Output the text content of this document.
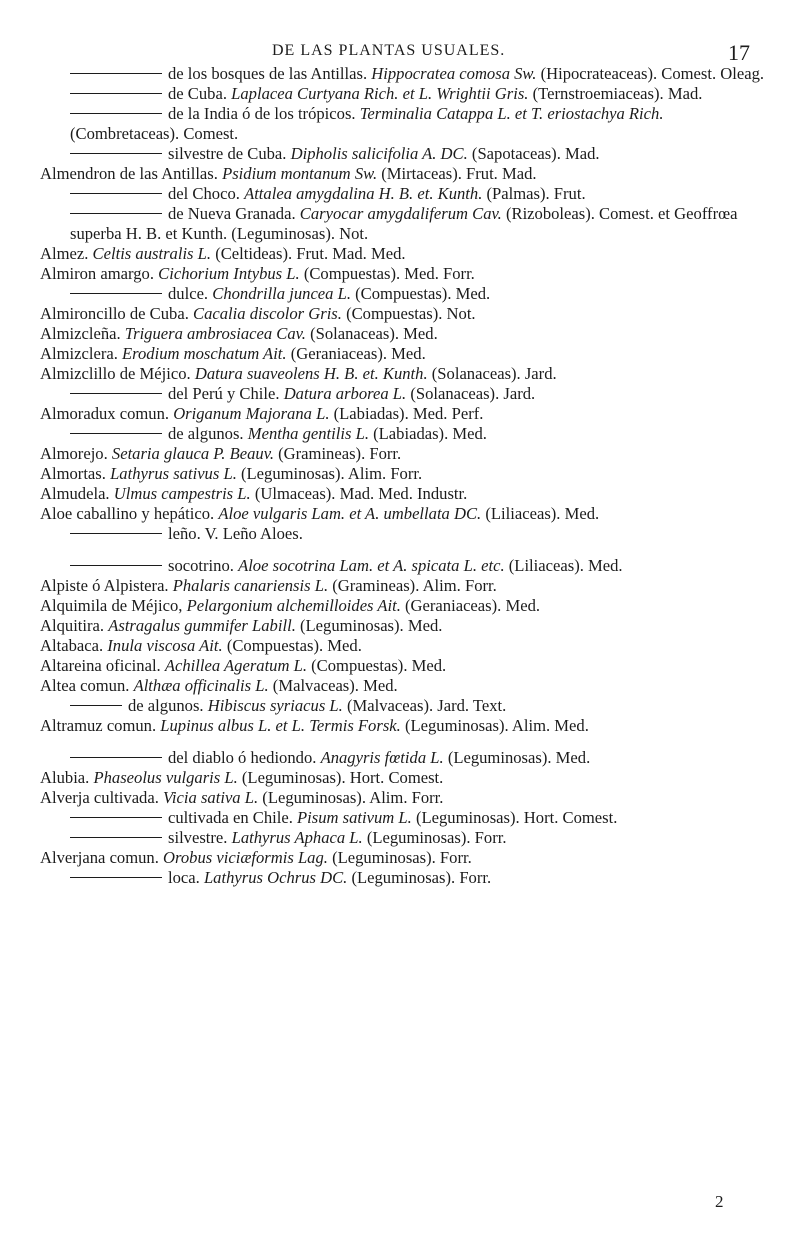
DE LAS PLANTAS USUALES.	17

de los bosques de las Antillas. Hippocratea comosa Sw. (Hipocrateaceas). Comest. Oleag.

de Cuba. Laplacea Curtyana Rich. et L. Wrightii Gris. (Ternstroemiaceas). Mad.

de la India ó de los trópicos. Terminalia Catappa L. et T. eriostachya Rich. (Combretaceas). Comest.

silvestre de Cuba. Dipholis salicifolia A. DC. (Sapotaceas). Mad.

Almendron de las Antillas. Psidium montanum Sw. (Mirtaceas). Frut. Mad.

del Choco. Attalea amygdalina H. B. et. Kunth. (Palmas). Frut.

de Nueva Granada. Caryocar amygdaliferum Cav. (Rizoboleas). Comest. et Geoffrœa superba H. B. et Kunth. (Leguminosas). Not.

Almez. Celtis australis L. (Celtideas). Frut. Mad. Med.

Almiron amargo. Cichorium Intybus L. (Compuestas). Med. Forr.

dulce. Chondrilla juncea L. (Compuestas). Med.

Almironcillo de Cuba. Cacalia discolor Gris. (Compuestas). Not.

Almizcleña. Triguera ambrosiacea Cav. (Solanaceas). Med.

Almizclera. Erodium moschatum Ait. (Geraniaceas). Med.

Almizclillo de Méjico. Datura suaveolens H. B. et. Kunth. (Solanaceas). Jard.

del Perú y Chile. Datura arborea L. (Solanaceas). Jard.

Almoradux comun. Origanum Majorana L. (Labiadas). Med. Perf.

de algunos. Mentha gentilis L. (Labiadas). Med.

Almorejo. Setaria glauca P. Beauv. (Gramineas). Forr.

Almortas. Lathyrus sativus L. (Leguminosas). Alim. Forr.

Almudela. Ulmus campestris L. (Ulmaceas). Mad. Med. Industr.

Aloe caballino y hepático. Aloe vulgaris Lam. et A. umbellata DC. (Liliaceas). Med.

leño. V. Leño Aloes.

socotrino. Aloe socotrina Lam. et A. spicata L. etc. (Liliaceas). Med.

Alpiste ó Alpistera. Phalaris canariensis L. (Gramineas). Alim. Forr.

Alquimila de Méjico, Pelargonium alchemilloides Ait. (Geraniaceas). Med.

Alquitira. Astragalus gummifer Labill. (Leguminosas). Med.

Altabaca. Inula viscosa Ait. (Compuestas). Med.

Altareina oficinal. Achillea Ageratum L. (Compuestas). Med.

Altea comun. Althæa officinalis L. (Malvaceas). Med.

de algunos. Hibiscus syriacus L. (Malvaceas). Jard. Text.

Altramuz comun. Lupinus albus L. et L. Termis Forsk. (Leguminosas). Alim. Med.

del diablo ó hediondo. Anagyris fœtida L. (Leguminosas). Med.

Alubia. Phaseolus vulgaris L. (Leguminosas). Hort. Comest.

Alverja cultivada. Vicia sativa L. (Leguminosas). Alim. Forr.

cultivada en Chile. Pisum sativum L. (Leguminosas). Hort. Comest.

silvestre. Lathyrus Aphaca L. (Leguminosas). Forr.

Alverjana comun. Orobus viciæformis Lag. (Leguminosas). Forr.

loca. Lathyrus Ochrus DC. (Leguminosas). Forr.

2
